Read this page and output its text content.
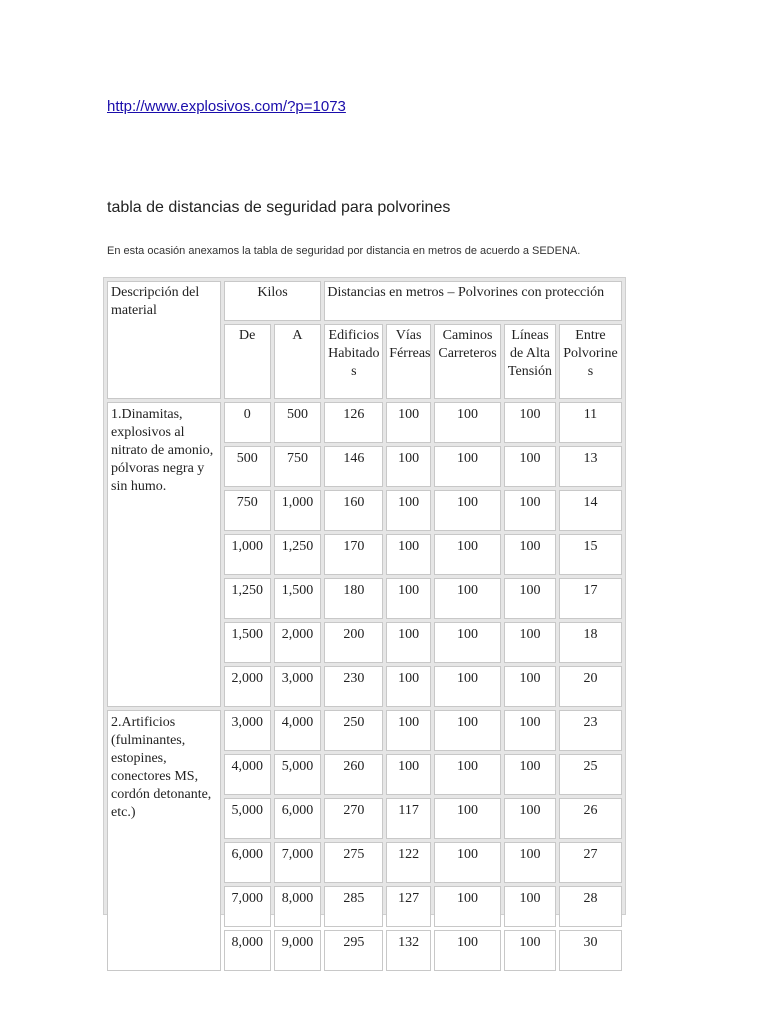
http://www.explosivos.com/?p=1073
tabla de distancias de seguridad para polvorines
En esta ocasión anexamos la tabla de seguridad por distancia en metros de acuerdo a SEDENA.
Descripción del material	Kilos		Distancias en metros – Polvorines con protección				
	De	A	Edificios Habitado s	Vías Férreas	Caminos Carreteros	Líneas de Alta Tensión	Entre Polvorine s
1.Dinamitas, explosivos al nitrato de amonio, pólvoras negra y sin humo.	0	500	126	100	100	100	11
	500	750	146	100	100	100	13
	750	1,000	160	100	100	100	14
	1,000	1,250	170	100	100	100	15
	1,250	1,500	180	100	100	100	17
	1,500	2,000	200	100	100	100	18
	2,000	3,000	230	100	100	100	20
2.Artificios (fulminantes, estopines, conectores MS, cordón detonante, etc.)	3,000	4,000	250	100	100	100	23
	4,000	5,000	260	100	100	100	25
	5,000	6,000	270	117	100	100	26
	6,000	7,000	275	122	100	100	27
	7,000	8,000	285	127	100	100	28
	8,000	9,000	295	132	100	100	30
